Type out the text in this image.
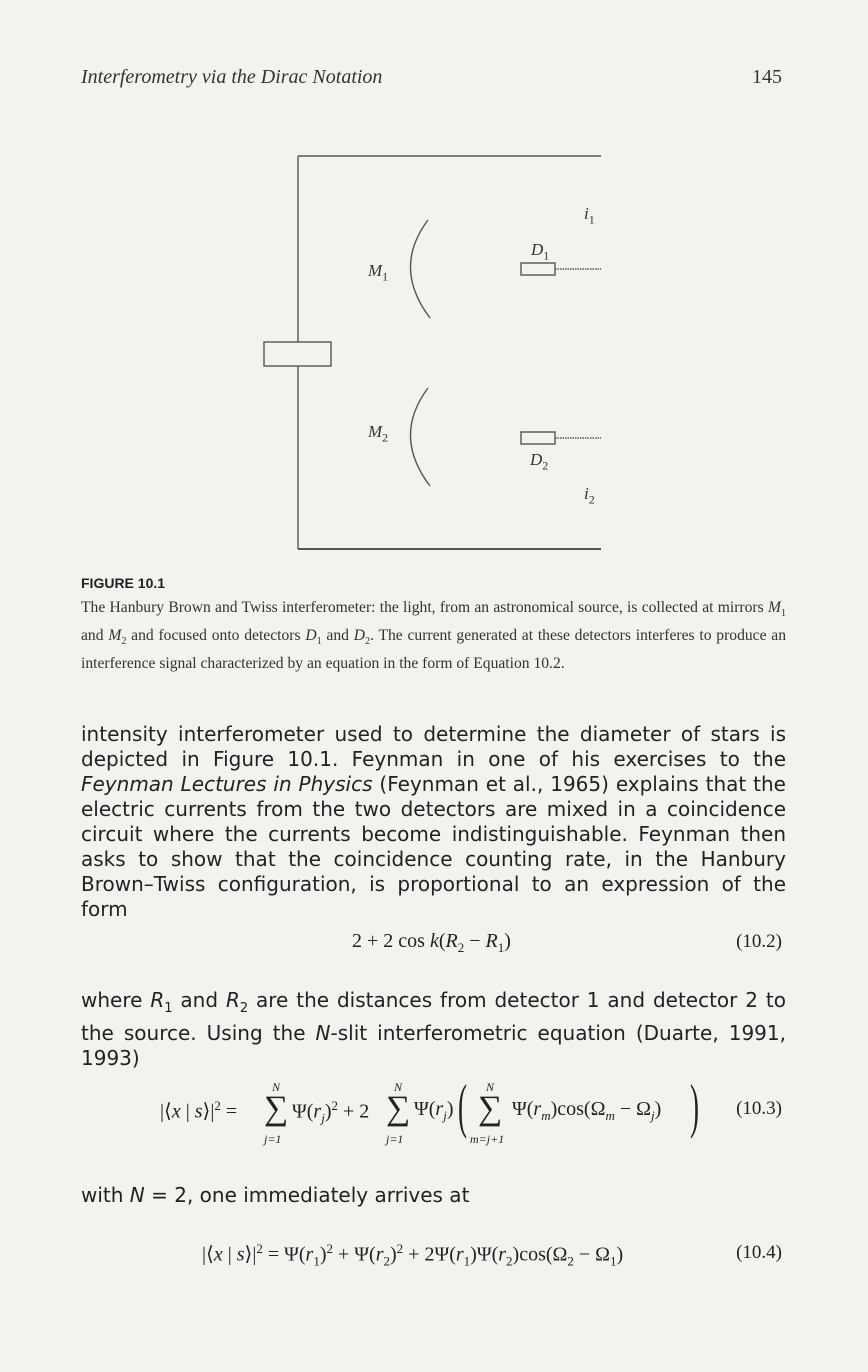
Interferometry via the Dirac Notation	145
$i_1$
$D_1$
$M_1$
$M_2$
$D_2$
$i_2$
FIGURE 10.1
The Hanbury Brown and Twiss interferometer: the light, from an astronomical source, is collected at mirrors $M_1$ and $M_2$ and focused onto detectors $D_1$ and $D_2$. The current generated at these detectors interferes to produce an interference signal characterized by an equation in the form of Equation 10.2.
intensity interferometer used to determine the diameter of stars is depicted in Figure 10.1. Feynman in one of his exercises to the Feynman Lectures in Physics (Feynman et al., 1965) explains that the electric currents from the two detectors are mixed in a coincidence circuit where the currents become indistinguishable. Feynman then asks to show that the coincidence counting rate, in the Hanbury Brown–Twiss configuration, is proportional to an expression of the form
2 + 2 $\cos k(R_2 - R_1)$	(10.2)
where $R_1$ and $R_2$ are the distances from detector 1 and detector 2 to the source. Using the N-slit interferometric equation (Duarte, 1991, 1993)
|⟨x | $s⟩|^2$ =
N
∑
j=1
$\Psi(r_j)^2 + 2$
N
∑
j=1
$\Psi(r_j)$ ( N
∑
m=j+1
$\Psi(r_m)\cos(\Omega_m - \Omega_j)$ ) (10.3)
with N = 2, one immediately arrives at
|⟨x | $s⟩|^2 = \Psi(r_1)^2 + \Psi(r_2)^2 + 2\Psi(r_1)\Psi(r_2)\cos(\Omega_2 - \Omega_1)$	(10.4)
